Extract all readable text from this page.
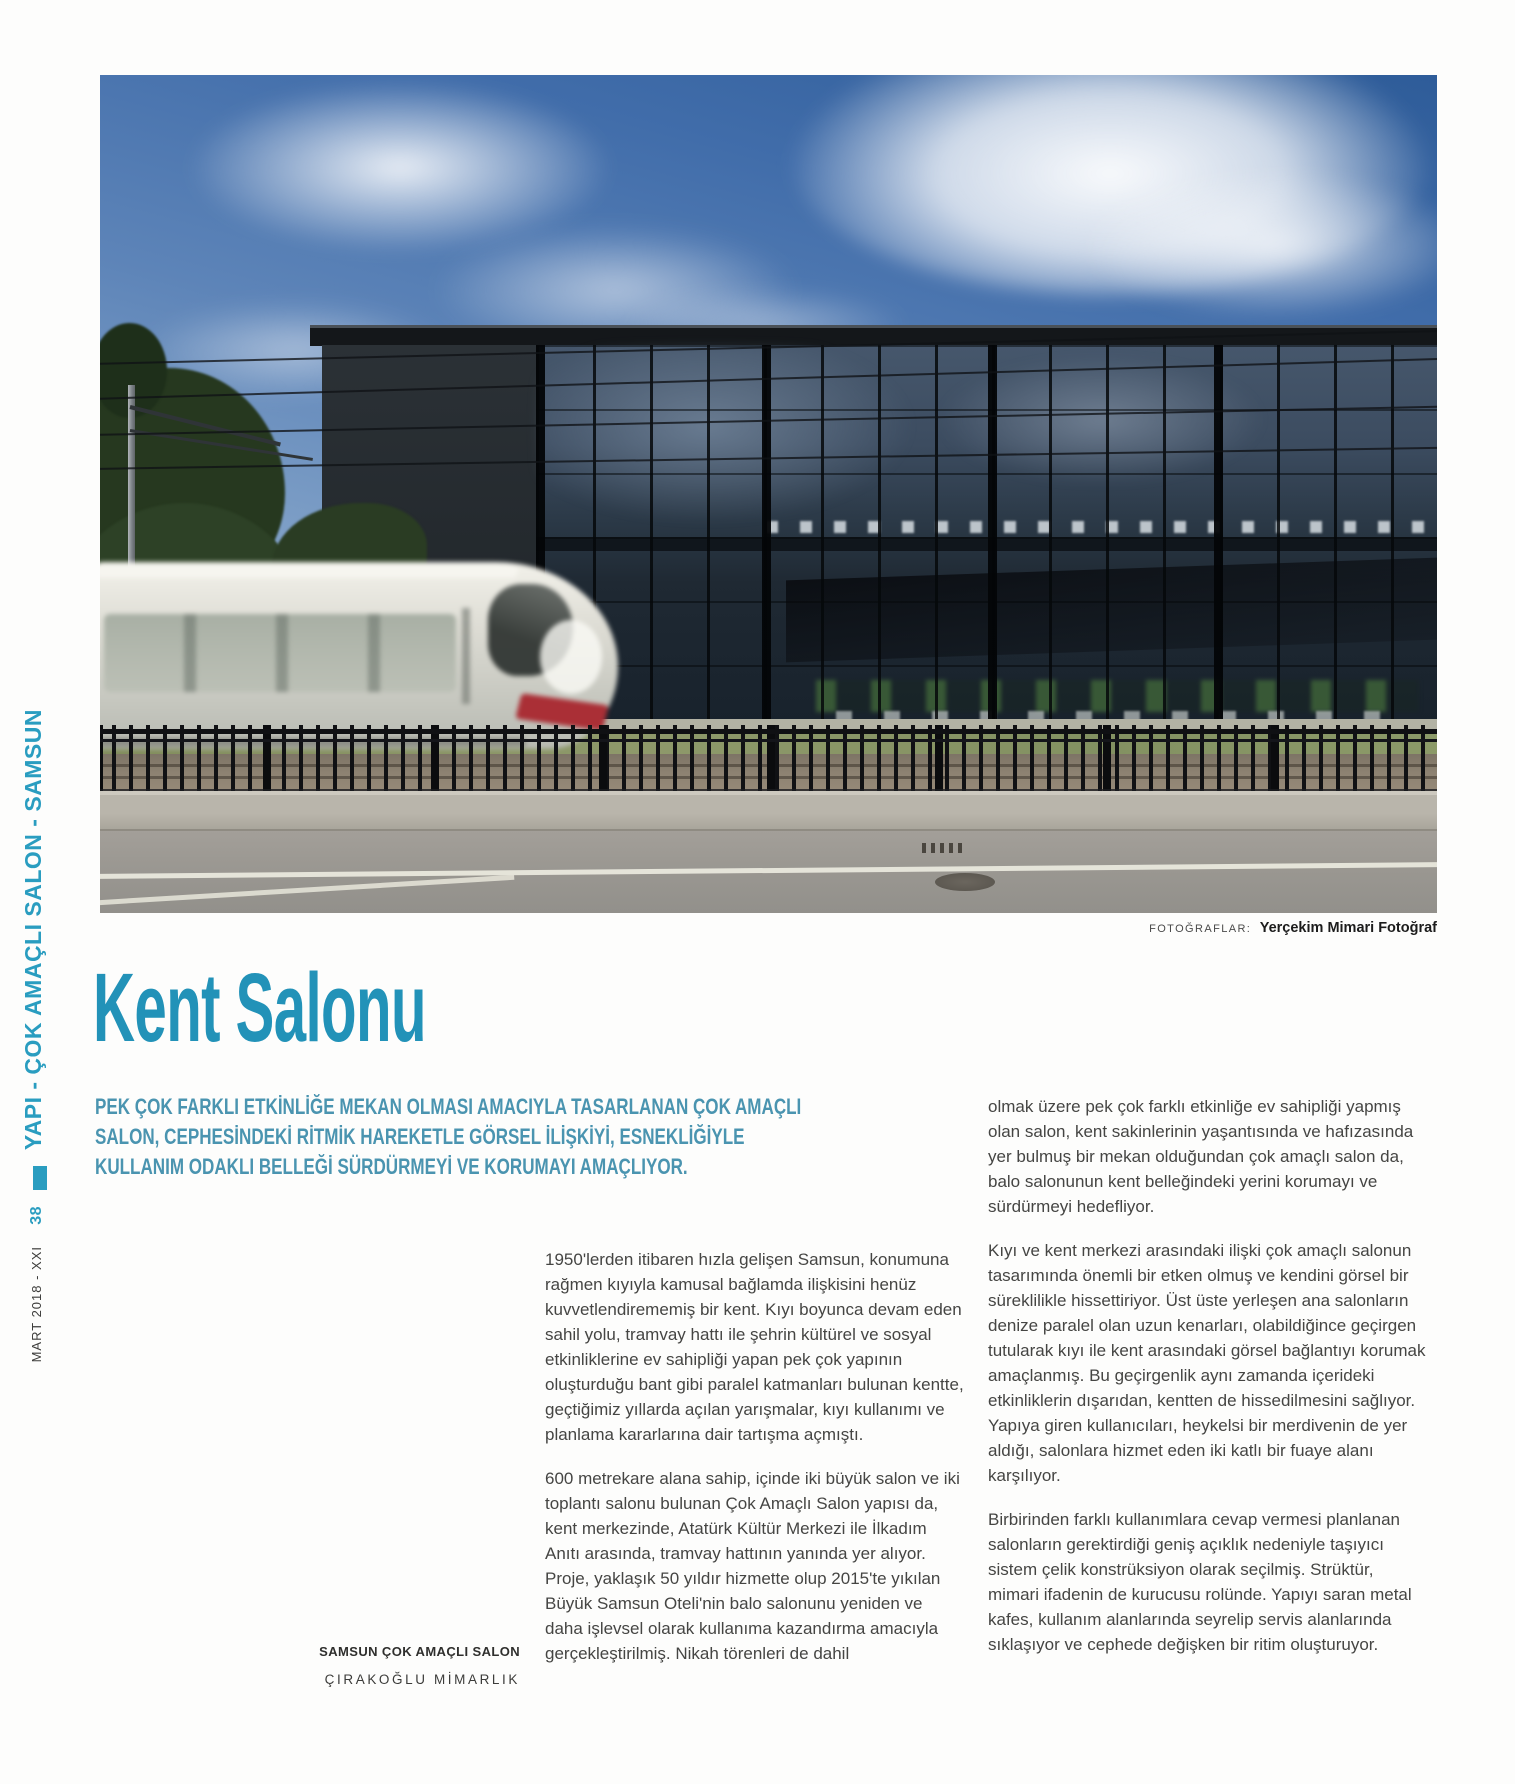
YAPI - ÇOK AMAÇLI SALON - SAMSUN
38
MART 2018 - XXI
FOTOĞRAFLAR: Yerçekim Mimari Fotoğraf
Kent Salonu
PEK ÇOK FARKLI ETKİNLİĞE MEKAN OLMASI AMACIYLA TASARLANAN ÇOK AMAÇLI SALON, CEPHESİNDEKİ RİTMİK HAREKETLE GÖRSEL İLİŞKİYİ, ESNEKLİĞİYLE KULLANIM ODAKLI BELLEĞİ SÜRDÜRMEYİ VE KORUMAYI AMAÇLIYOR.

1950'lerden itibaren hızla gelişen Samsun, konumuna rağmen kıyıyla kamusal bağlamda ilişkisini henüz kuvvetlendirememiş bir kent. Kıyı boyunca devam eden sahil yolu, tramvay hattı ile şehrin kültürel ve sosyal etkinliklerine ev sahipliği yapan pek çok yapının oluşturduğu bant gibi paralel katmanları bulunan kentte, geçtiğimiz yıllarda açılan yarışmalar, kıyı kullanımı ve planlama kararlarına dair tartışma açmıştı.

600 metrekare alana sahip, içinde iki büyük salon ve iki toplantı salonu bulunan Çok Amaçlı Salon yapısı da, kent merkezinde, Atatürk Kültür Merkezi ile İlkadım Anıtı arasında, tramvay hattının yanında yer alıyor. Proje, yaklaşık 50 yıldır hizmette olup 2015'te yıkılan Büyük Samsun Oteli'nin balo salonunu yeniden ve daha işlevsel olarak kullanıma kazandırma amacıyla gerçekleştirilmiş. Nikah törenleri de dahil

olmak üzere pek çok farklı etkinliğe ev sahipliği yapmış olan salon, kent sakinlerinin yaşantısında ve hafızasında yer bulmuş bir mekan olduğundan çok amaçlı salon da, balo salonunun kent belleğindeki yerini korumayı ve sürdürmeyi hedefliyor.

Kıyı ve kent merkezi arasındaki ilişki çok amaçlı salonun tasarımında önemli bir etken olmuş ve kendini görsel bir süreklilikle hissettiriyor. Üst üste yerleşen ana salonların denize paralel olan uzun kenarları, olabildiğince geçirgen tutularak kıyı ile kent arasındaki görsel bağlantıyı korumak amaçlanmış. Bu geçirgenlik aynı zamanda içerideki etkinliklerin dışarıdan, kentten de hissedilmesini sağlıyor. Yapıya giren kullanıcıları, heykelsi bir merdivenin de yer aldığı, salonlara hizmet eden iki katlı bir fuaye alanı karşılıyor.

Birbirinden farklı kullanımlara cevap vermesi planlanan salonların gerektirdiği geniş açıklık nedeniyle taşıyıcı sistem çelik konstrüksiyon olarak seçilmiş. Strüktür, mimari ifadenin de kurucusu rolünde. Yapıyı saran metal kafes, kullanım alanlarında seyrelip servis alanlarında sıklaşıyor ve cephede değişken bir ritim oluşturuyor.

SAMSUN ÇOK AMAÇLI SALON
ÇIRAKOĞLU MİMARLIK
